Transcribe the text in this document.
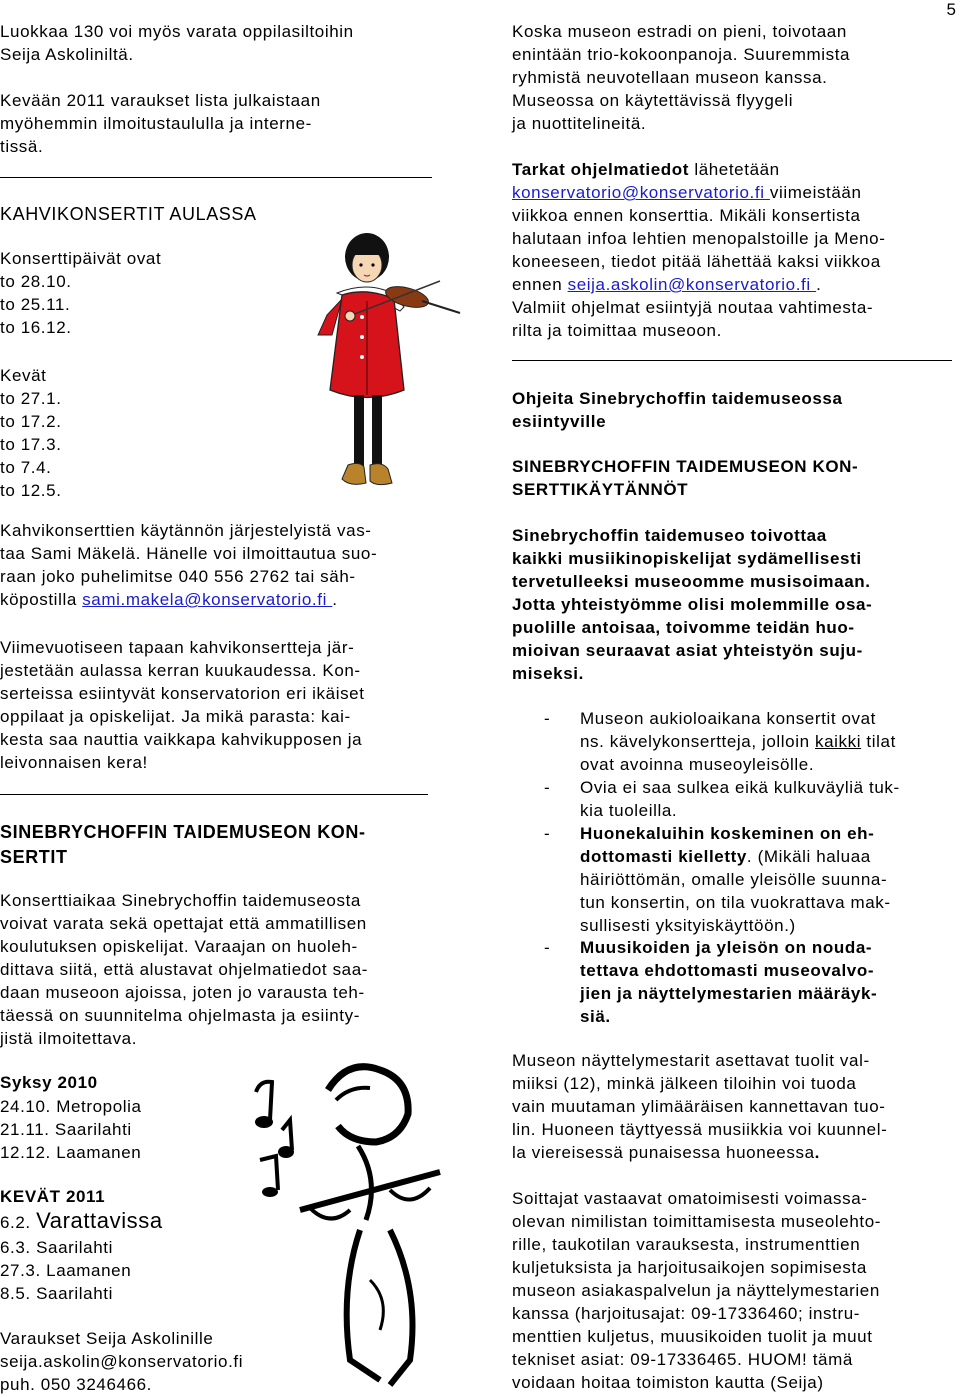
5

Luokkaa 130 voi myös varata oppilasiltoihin
Seija Askoliniltä.

Kevään 2011 varaukset lista julkaistaan
myöhemmin ilmoitustaululla ja interne-
tissä.

KAHVIKONSERTIT AULASSA

Konserttipäivät ovat
to 28.10.
to 25.11.
to 16.12.

Kevät
to 27.1.
to 17.2.
to 17.3.
to 7.4.
to 12.5.

Kahvikonserttien käytännön järjestelyistä vas-
taa Sami Mäkelä. Hänelle voi ilmoittautua suo-
raan joko puhelimitse 040 556 2762 tai säh-
köpostilla sami.makela@konservatorio.fi .

Viimevuotiseen tapaan kahvikonsertteja jär-
jestetään aulassa kerran kuukaudessa. Kon-
serteissa esiintyvät konservatorion eri ikäiset
oppilaat ja opiskelijat. Ja mikä parasta: kai-
kesta saa nauttia vaikkapa kahvikupposen ja
leivonnaisen kera!

SINEBRYCHOFFIN TAIDEMUSEON KON-
SERTIT

Konserttiaikaa Sinebrychoffin taidemuseosta
voivat varata sekä opettajat että ammatillisen
koulutuksen opiskelijat. Varaajan on huoleh-
dittava siitä, että alustavat ohjelmatiedot saa-
daan museoon ajoissa, joten jo varausta teh-
täessä on suunnitelma ohjelmasta ja esiinty-
jistä ilmoitettava.

Syksy 2010

24.10. Metropolia
21.11. Saarilahti
12.12. Laamanen

KEVÄT 2011

6.2. Varattavissa

6.3. Saarilahti
27.3. Laamanen
8.5. Saarilahti

Varaukset Seija Askolinille
seija.askolin@konservatorio.fi
puh. 050 3246466.

Koska museon estradi on pieni, toivotaan
enintään trio-kokoonpanoja. Suuremmista
ryhmistä neuvotellaan museon kanssa.
Museossa on käytettävissä flyygeli
ja nuottitelineitä.

Tarkat ohjelmatiedot lähetetään
konservatorio@konservatorio.fi viimeistään
viikkoa ennen konserttia. Mikäli konsertista
halutaan infoa lehtien menopalstoille ja Meno-
koneeseen, tiedot pitää lähettää kaksi viikkoa
ennen seija.askolin@konservatorio.fi .
Valmiit ohjelmat esiintyjä noutaa vahtimesta-
rilta ja toimittaa museoon.

Ohjeita Sinebrychoffin taidemuseossa
esiintyville

SINEBRYCHOFFIN TAIDEMUSEON KON-
SERTTIKÄYTÄNNÖT

Sinebrychoffin taidemuseo toivottaa
kaikki musiikinopiskelijat sydämellisesti
tervetulleeksi museoomme musisoimaan.
Jotta yhteistyömme olisi molemmille osa-
puolille antoisaa, toivomme teidän huo-
mioivan seuraavat asiat yhteistyön suju-
miseksi.

- Museon aukioloaikana konsertit ovat
ns. kävelykonsertteja, jolloin kaikki tilat
ovat avoinna museoyleisölle.
- Ovia ei saa sulkea eikä kulkuväyliä tuk-
kia tuoleilla.
- Huonekaluihin koskeminen on eh-
dottomasti kielletty. (Mikäli haluaa
häiriöttömän, omalle yleisölle suunna-
tun konsertin, on tila vuokrattava mak-
sullisesti yksityiskäyttöön.)
- Muusikoiden ja yleisön on nouda-
tettava ehdottomasti museovalvo-
jien ja näyttelymestarien määräyk-
siä.

Museon näyttelymestarit asettavat tuolit val-
miiksi (12), minkä jälkeen tiloihin voi tuoda
vain muutaman ylimääräisen kannettavan tuo-
lin. Huoneen täyttyessä musiikkia voi kuunnel-
la viereisessä punaisessa huoneessa.

Soittajat vastaavat omatoimisesti voimassa-
olevan nimilistan toimittamisesta museolehto-
rille, taukotilan varauksesta, instrumenttien
kuljetuksista ja harjoitusaikojen sopimisesta
museon asiakaspalvelun ja näyttelymestarien
kanssa (harjoitusajat: 09-17336460; instru-
menttien kuljetus, muusikoiden tuolit ja muut
tekniset asiat: 09-17336465. HUOM! tämä
voidaan hoitaa toimiston kautta (Seija)
